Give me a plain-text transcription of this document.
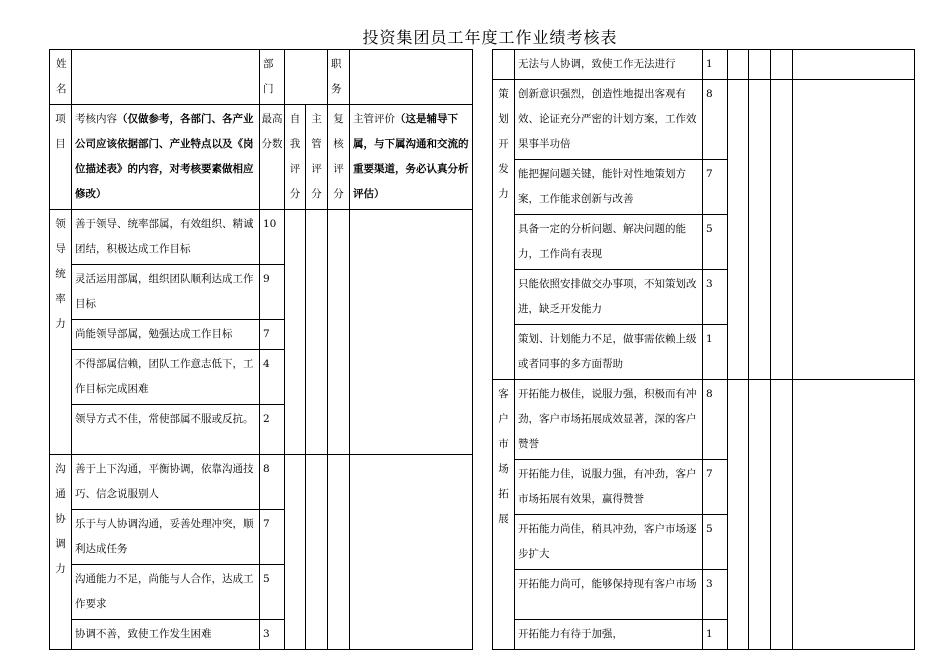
投资集团员工年度工作业绩考核表
姓名		部门			职务	
项目	考核内容（仅做参考，各部门、各产业公司应该依据部门、产业特点以及《岗位描述表》的内容，对考核要素做相应修改）	最高分数	自我评分	主管评分	复核评分	主管评价（这是辅导下属，与下属沟通和交流的重要渠道，务必认真分析评估）
领导统率力	善于领导、统率部属，有效组织、精诚团结，积极达成工作目标	10				
	灵活运用部属，组织团队顺利达成工作目标	9				
	尚能领导部属，勉强达成工作目标	7				
	不得部属信赖，团队工作意志低下，工作目标完成困难	4				
	领导方式不佳，常使部属不服或反抗。	2				
沟通协调力	善于上下沟通，平衡协调，依靠沟通技巧、信念说服别人	8				
	乐于与人协调沟通，妥善处理冲突，顺利达成任务	7				
	沟通能力不足，尚能与人合作，达成工作要求	5				
	协调不善，致使工作发生困难	3				
	无法与人协调，致使工作无法进行	1				
策划开发力	创新意识强烈，创造性地提出客观有效、论证充分严密的计划方案，工作效果事半功倍	8				
	能把握问题关键，能针对性地策划方案，工作能求创新与改善	7				
	具备一定的分析问题、解决问题的能力，工作尚有表现	5				
	只能依照安排做交办事项，不知策划改进，缺乏开发能力	3				
	策划、计划能力不足，做事需依赖上级或者同事的多方面帮助	1				
客户市场拓展	开拓能力极佳，说服力强，积极而有冲劲，客户市场拓展成效显著，深的客户赞誉	8				
	开拓能力佳，说服力强，有冲劲，客户市场拓展有效果，赢得赞誉	7				
	开拓能力尚佳，稍具冲劲，客户市场逐步扩大	5				
	开拓能力尚可，能够保持现有客户市场	3				
	开拓能力有待于加强，	1				
